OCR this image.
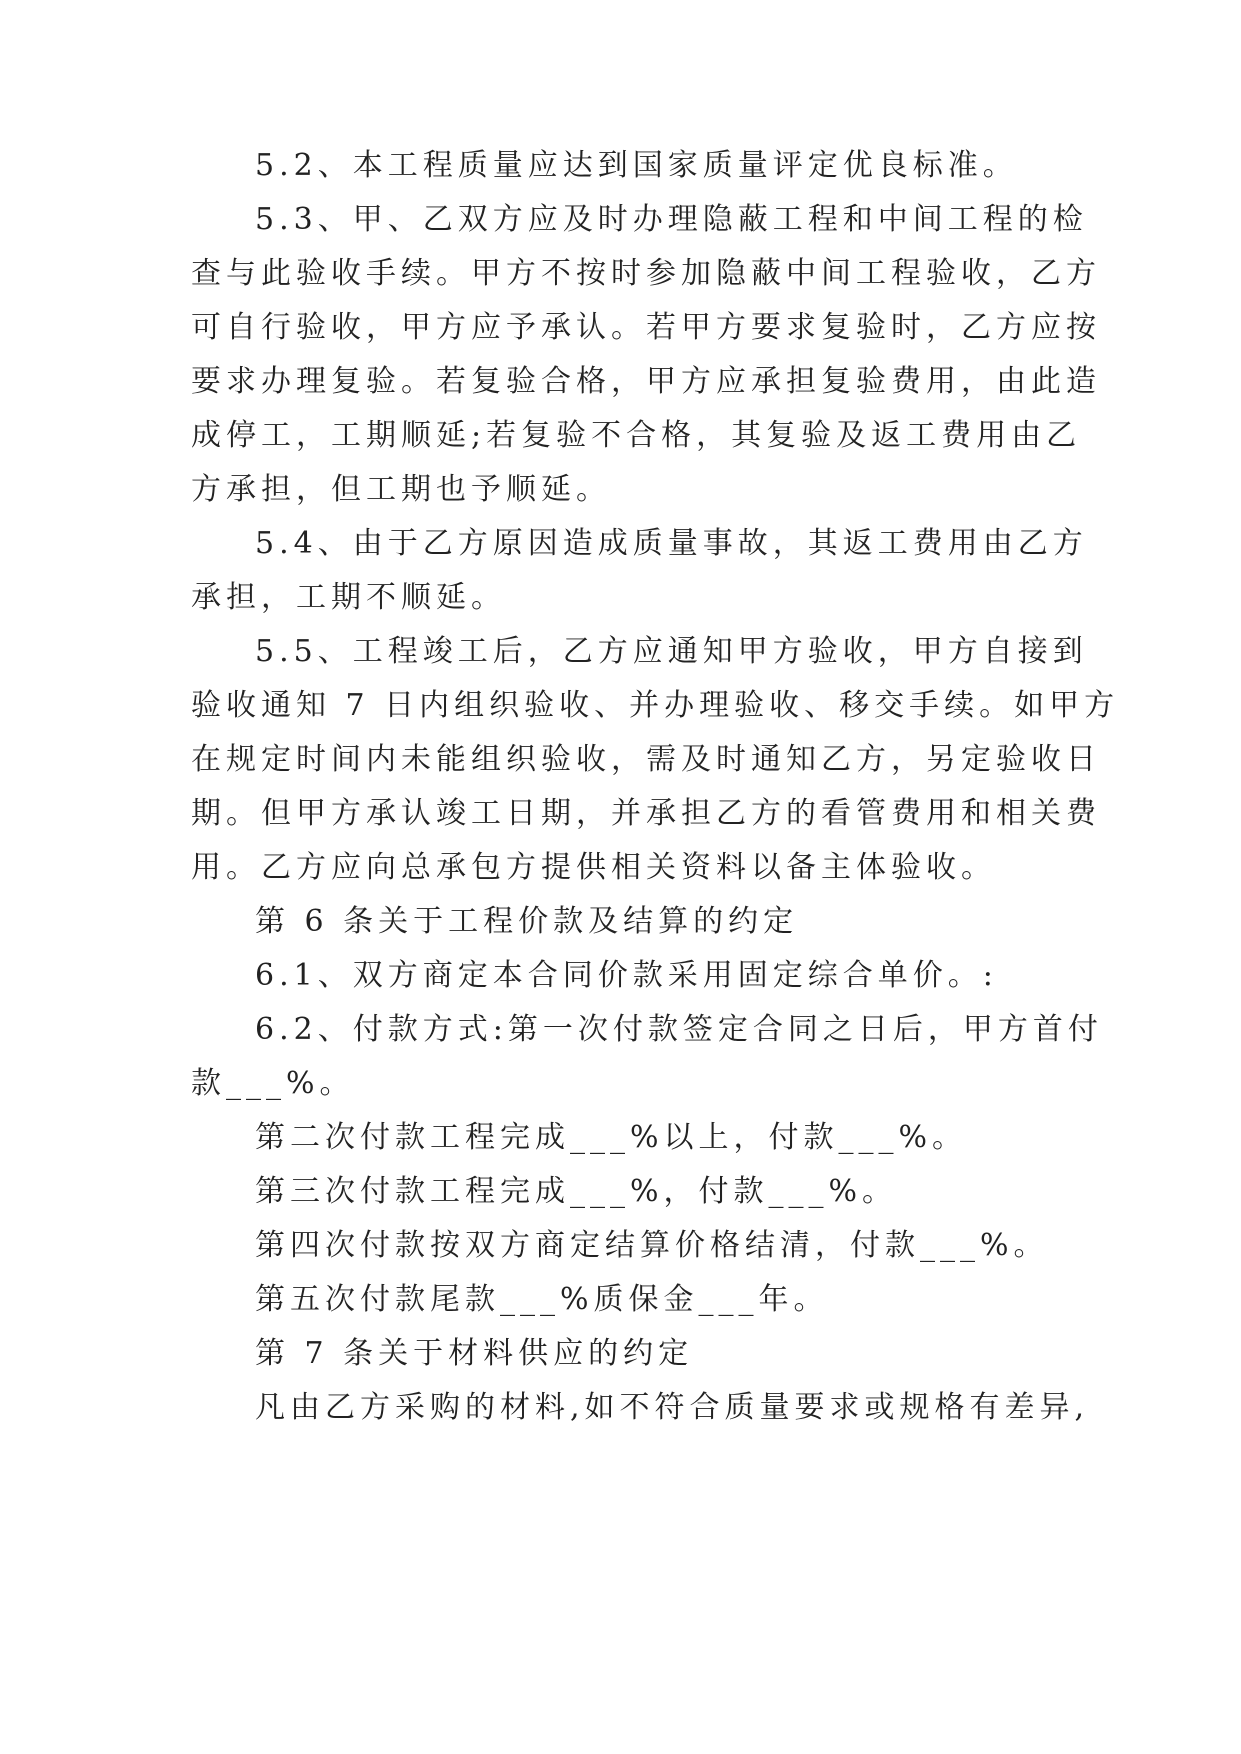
5.2、本工程质量应达到国家质量评定优良标准。
5.3、甲、乙双方应及时办理隐蔽工程和中间工程的检
查与此验收手续。甲方不按时参加隐蔽中间工程验收，乙方
可自行验收，甲方应予承认。若甲方要求复验时，乙方应按
要求办理复验。若复验合格，甲方应承担复验费用，由此造
成停工，工期顺延;若复验不合格，其复验及返工费用由乙
方承担，但工期也予顺延。
5.4、由于乙方原因造成质量事故，其返工费用由乙方
承担，工期不顺延。
5.5、工程竣工后，乙方应通知甲方验收，甲方自接到
验收通知 7 日内组织验收、并办理验收、移交手续。如甲方
在规定时间内未能组织验收，需及时通知乙方，另定验收日
期。但甲方承认竣工日期，并承担乙方的看管费用和相关费
用。乙方应向总承包方提供相关资料以备主体验收。
第 6 条关于工程价款及结算的约定
6.1、双方商定本合同价款采用固定综合单价。:
6.2、付款方式:第一次付款签定合同之日后，甲方首付
款___%。
第二次付款工程完成___%以上，付款___%。
第三次付款工程完成___%，付款___%。
第四次付款按双方商定结算价格结清，付款___%。
第五次付款尾款___%质保金___年。
第 7 条关于材料供应的约定
凡由乙方采购的材料,如不符合质量要求或规格有差异,
